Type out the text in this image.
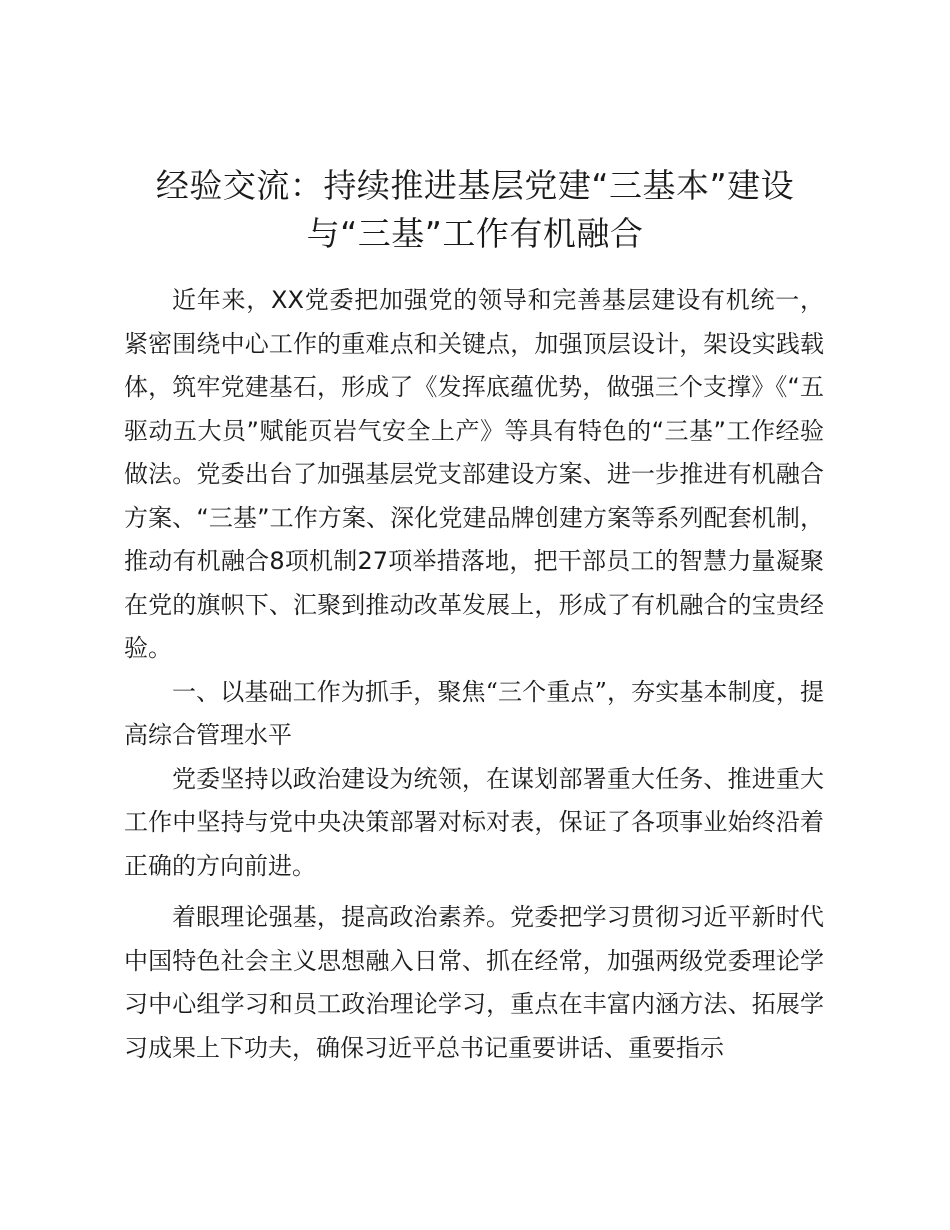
经验交流：持续推进基层党建“三基本”建设
与“三基”工作有机融合

近年来，XX党委把加强党的领导和完善基层建设有机统一，紧密围绕中心工作的重难点和关键点，加强顶层设计，架设实践载体，筑牢党建基石，形成了《发挥底蕴优势，做强三个支撑》《“五驱动五大员”赋能页岩气安全上产》等具有特色的“三基”工作经验做法。党委出台了加强基层党支部建设方案、进一步推进有机融合方案、“三基”工作方案、深化党建品牌创建方案等系列配套机制，推动有机融合8项机制27项举措落地，把干部员工的智慧力量凝聚在党的旗帜下、汇聚到推动改革发展上，形成了有机融合的宝贵经验。

一、以基础工作为抓手，聚焦“三个重点”，夯实基本制度，提高综合管理水平

党委坚持以政治建设为统领，在谋划部署重大任务、推进重大工作中坚持与党中央决策部署对标对表，保证了各项事业始终沿着正确的方向前进。

着眼理论强基，提高政治素养。党委把学习贯彻习近平新时代中国特色社会主义思想融入日常、抓在经常，加强两级党委理论学习中心组学习和员工政治理论学习，重点在丰富内涵方法、拓展学习成果上下功夫，确保习近平总书记重要讲话、重要指示
